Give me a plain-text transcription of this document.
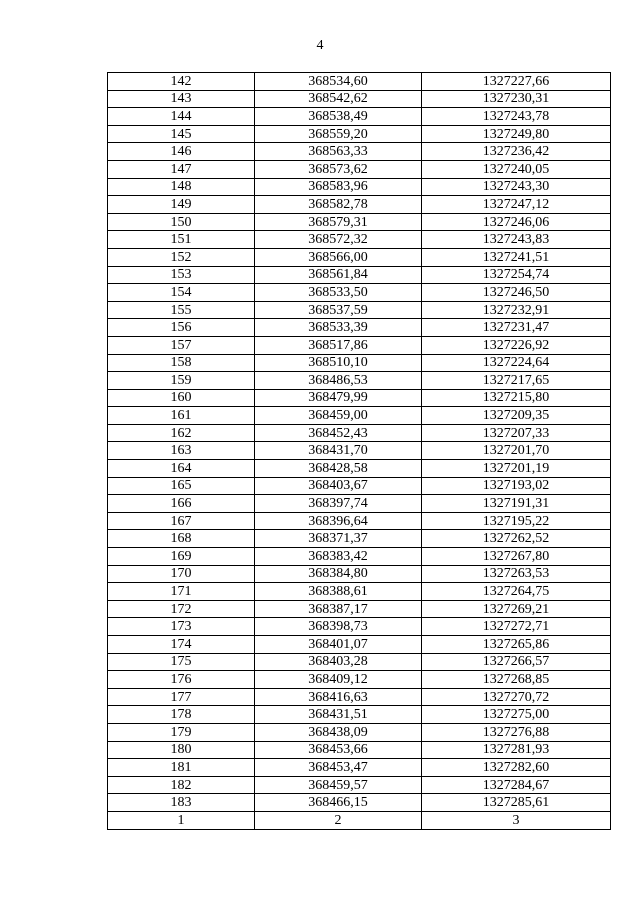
4
142	368534,60	1327227,66
143	368542,62	1327230,31
144	368538,49	1327243,78
145	368559,20	1327249,80
146	368563,33	1327236,42
147	368573,62	1327240,05
148	368583,96	1327243,30
149	368582,78	1327247,12
150	368579,31	1327246,06
151	368572,32	1327243,83
152	368566,00	1327241,51
153	368561,84	1327254,74
154	368533,50	1327246,50
155	368537,59	1327232,91
156	368533,39	1327231,47
157	368517,86	1327226,92
158	368510,10	1327224,64
159	368486,53	1327217,65
160	368479,99	1327215,80
161	368459,00	1327209,35
162	368452,43	1327207,33
163	368431,70	1327201,70
164	368428,58	1327201,19
165	368403,67	1327193,02
166	368397,74	1327191,31
167	368396,64	1327195,22
168	368371,37	1327262,52
169	368383,42	1327267,80
170	368384,80	1327263,53
171	368388,61	1327264,75
172	368387,17	1327269,21
173	368398,73	1327272,71
174	368401,07	1327265,86
175	368403,28	1327266,57
176	368409,12	1327268,85
177	368416,63	1327270,72
178	368431,51	1327275,00
179	368438,09	1327276,88
180	368453,66	1327281,93
181	368453,47	1327282,60
182	368459,57	1327284,67
183	368466,15	1327285,61
1	2	3
